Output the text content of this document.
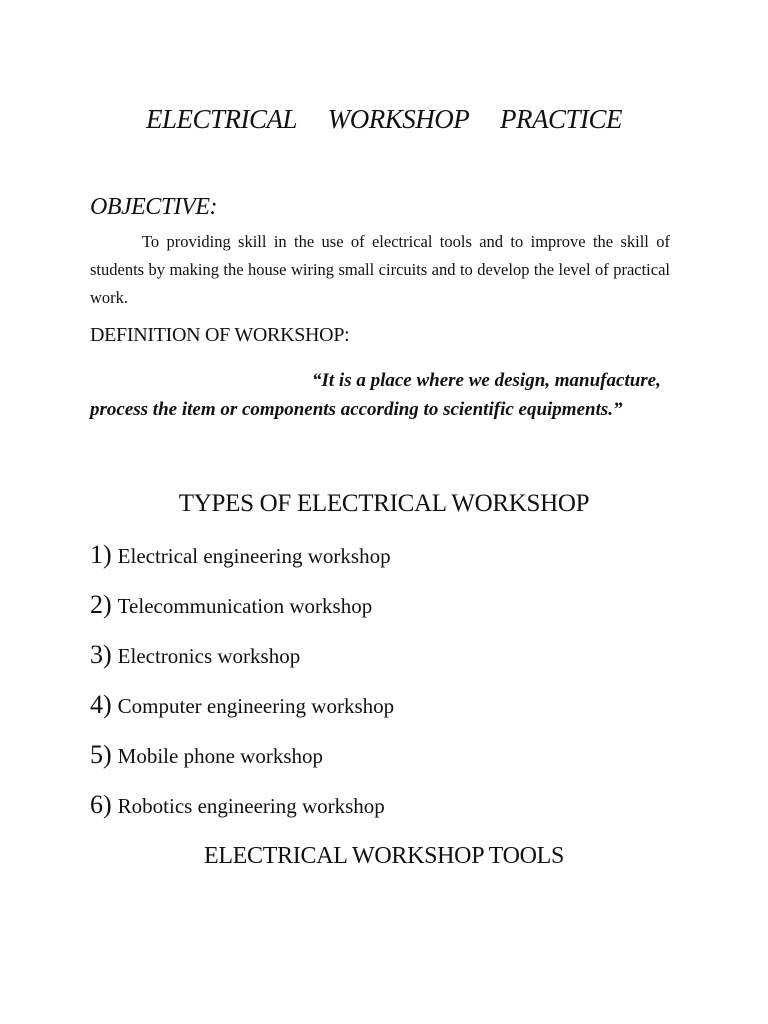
ELECTRICAL     WORKSHOP     PRACTICE
OBJECTIVE:
To providing skill in the use of electrical tools and to improve the skill of students by making the house wiring small circuits and to develop the level of practical work.
DEFINITION OF WORKSHOP:
“It is a place where we design, manufacture, process the item or components according to scientific equipments.”
TYPES OF ELECTRICAL WORKSHOP
1) Electrical engineering workshop
2) Telecommunication workshop
3) Electronics workshop
4) Computer engineering workshop
5) Mobile phone workshop
6) Robotics engineering workshop
ELECTRICAL WORKSHOP TOOLS
